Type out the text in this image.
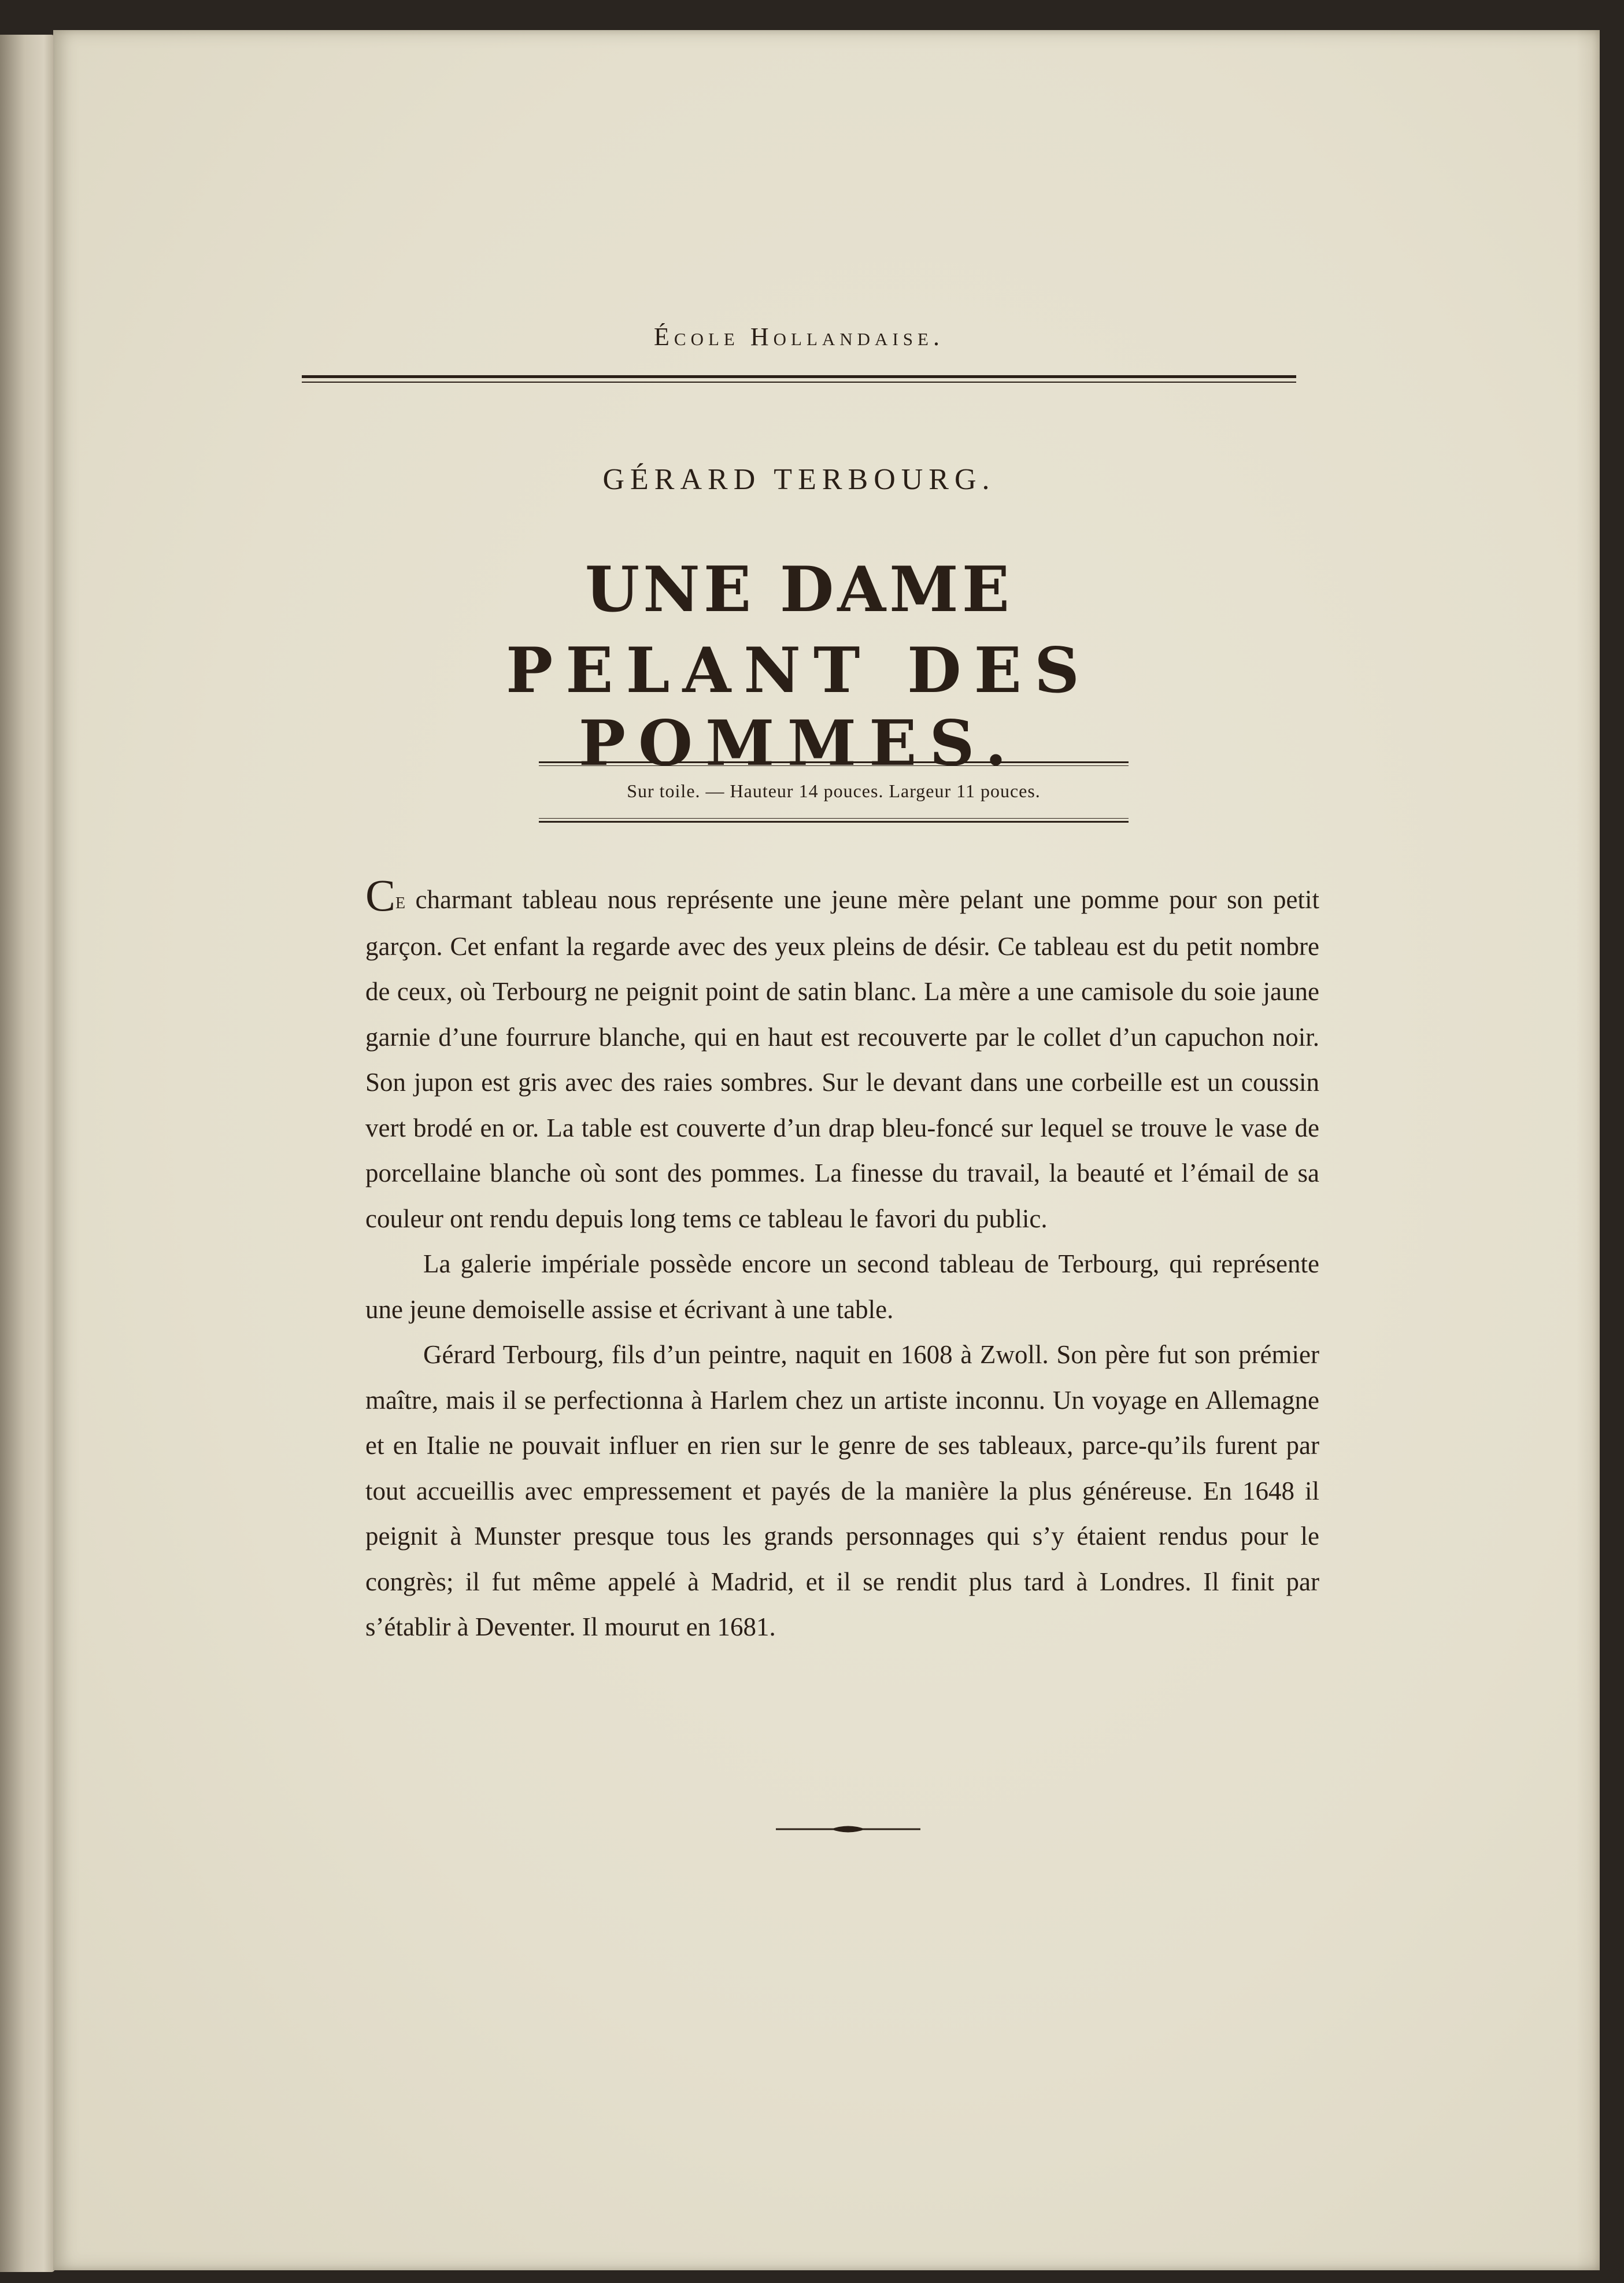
École Hollandaise.
GÉRARD TERBOURG.
UNE DAME
PELANT DES POMMES.
Sur toile. — Hauteur 14 pouces. Largeur 11 pouces.

Ce charmant tableau nous représente une jeune mère pelant une pomme pour son petit garçon. Cet enfant la regarde avec des yeux pleins de désir. Ce tableau est du petit nombre de ceux, où Terbourg ne peignit point de satin blanc. La mère a une camisole du soie jaune garnie d’une fourrure blanche, qui en haut est recouverte par le collet d’un capuchon noir. Son jupon est gris avec des raies sombres. Sur le devant dans une corbeille est un coussin vert brodé en or. La table est couverte d’un drap bleu-foncé sur lequel se trouve le vase de porcellaine blanche où sont des pommes. La finesse du travail, la beauté et l’émail de sa couleur ont rendu depuis long tems ce tableau le favori du public.

La galerie impériale possède encore un second tableau de Terbourg, qui représente une jeune demoiselle assise et écrivant à une table.

Gérard Terbourg, fils d’un peintre, naquit en 1608 à Zwoll. Son père fut son prémier maître, mais il se perfectionna à Harlem chez un artiste inconnu. Un voyage en Allemagne et en Italie ne pouvait influer en rien sur le genre de ses tableaux, parce-qu’ils furent par tout accueillis avec empressement et payés de la manière la plus généreuse. En 1648 il peignit à Munster presque tous les grands personnages qui s’y étaient rendus pour le congrès; il fut même appelé à Madrid, et il se rendit plus tard à Londres. Il finit par s’établir à Deventer. Il mourut en 1681.
